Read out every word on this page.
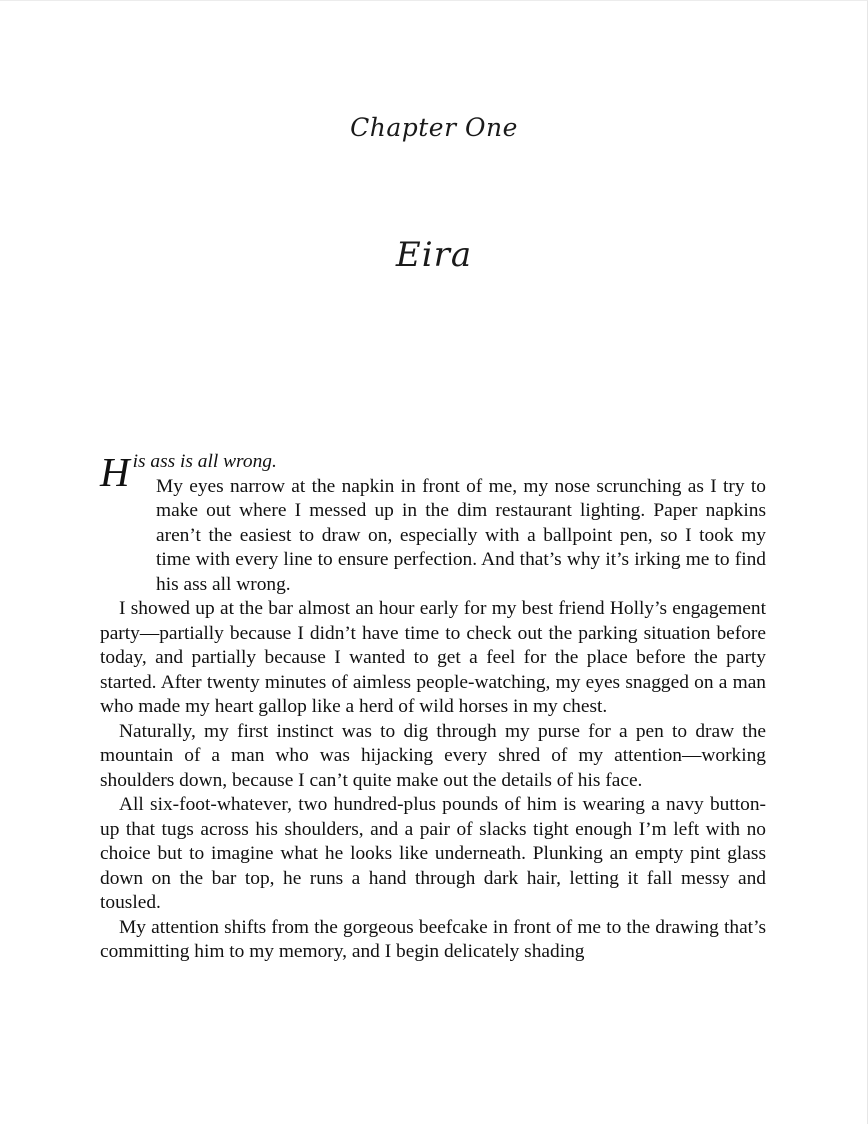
Chapter One
Eira
H is ass is all wrong.

My eyes narrow at the napkin in front of me, my nose scrunching as I try to make out where I messed up in the dim restaurant lighting. Paper napkins aren’t the easiest to draw on, especially with a ballpoint pen, so I took my time with every line to ensure perfection. And that’s why it’s irking me to find his ass all wrong.

I showed up at the bar almost an hour early for my best friend Holly’s engagement party—partially because I didn’t have time to check out the parking situation before today, and partially because I wanted to get a feel for the place before the party started. After twenty minutes of aimless people-watching, my eyes snagged on a man who made my heart gallop like a herd of wild horses in my chest.

Naturally, my first instinct was to dig through my purse for a pen to draw the mountain of a man who was hijacking every shred of my attention—working shoulders down, because I can’t quite make out the details of his face.

All six-foot-whatever, two hundred-plus pounds of him is wearing a navy button-up that tugs across his shoulders, and a pair of slacks tight enough I’m left with no choice but to imagine what he looks like underneath. Plunking an empty pint glass down on the bar top, he runs a hand through dark hair, letting it fall messy and tousled.

My attention shifts from the gorgeous beefcake in front of me to the drawing that’s committing him to my memory, and I begin delicately shading
